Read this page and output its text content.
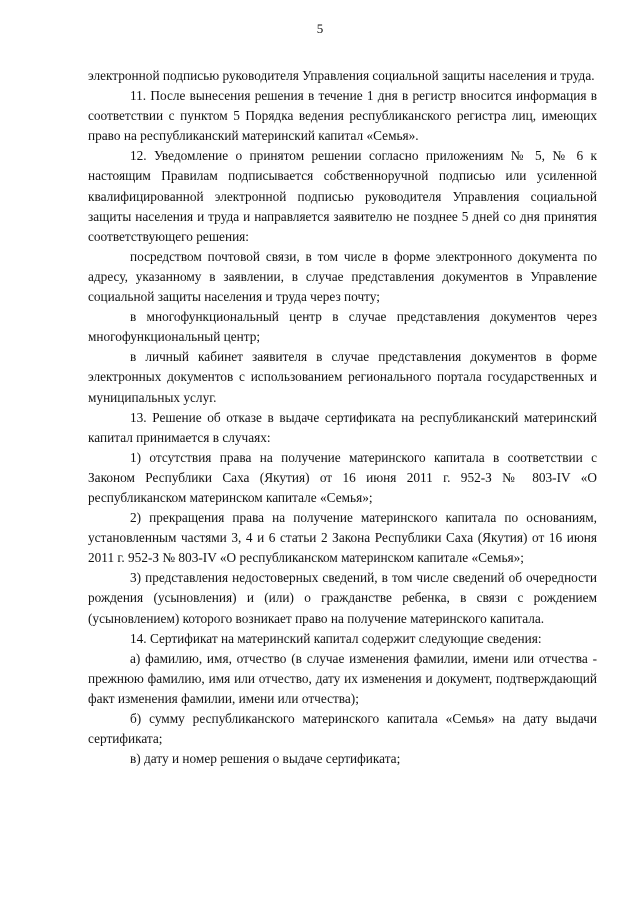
5

электронной подписью руководителя Управления социальной защиты населения и труда.

11. После вынесения решения в течение 1 дня в регистр вносится информация в соответствии с пунктом 5 Порядка ведения республиканского регистра лиц, имеющих право на республиканский материнский капитал «Семья».

12. Уведомление о принятом решении согласно приложениям № 5, № 6 к настоящим Правилам подписывается собственноручной подписью или усиленной квалифицированной электронной подписью руководителя Управления социальной защиты населения и труда и направляется заявителю не позднее 5 дней со дня принятия соответствующего решения:

посредством почтовой связи, в том числе в форме электронного документа по адресу, указанному в заявлении, в случае представления документов в Управление социальной защиты населения и труда через почту;

в многофункциональный центр в случае представления документов через многофункциональный центр;

в личный кабинет заявителя в случае представления документов в форме электронных документов с использованием регионального портала государственных и муниципальных услуг.

13. Решение об отказе в выдаче сертификата на республиканский материнский капитал принимается в случаях:

1) отсутствия права на получение материнского капитала в соответствии с Законом Республики Саха (Якутия) от 16 июня 2011 г. 952-З № 803-IV «О республиканском материнском капитале «Семья»;

2) прекращения права на получение материнского капитала по основаниям, установленным частями 3, 4 и 6 статьи 2 Закона Республики Саха (Якутия) от 16 июня 2011 г. 952-З № 803-IV «О республиканском материнском капитале «Семья»;

3) представления недостоверных сведений, в том числе сведений об очередности рождения (усыновления) и (или) о гражданстве ребенка, в связи с рождением (усыновлением) которого возникает право на получение материнского капитала.

14. Сертификат на материнский капитал содержит следующие сведения:

а) фамилию, имя, отчество (в случае изменения фамилии, имени или отчества - прежнюю фамилию, имя или отчество, дату их изменения и документ, подтверждающий факт изменения фамилии, имени или отчества);

б) сумму республиканского материнского капитала «Семья» на дату выдачи сертификата;

в) дату и номер решения о выдаче сертификата;
